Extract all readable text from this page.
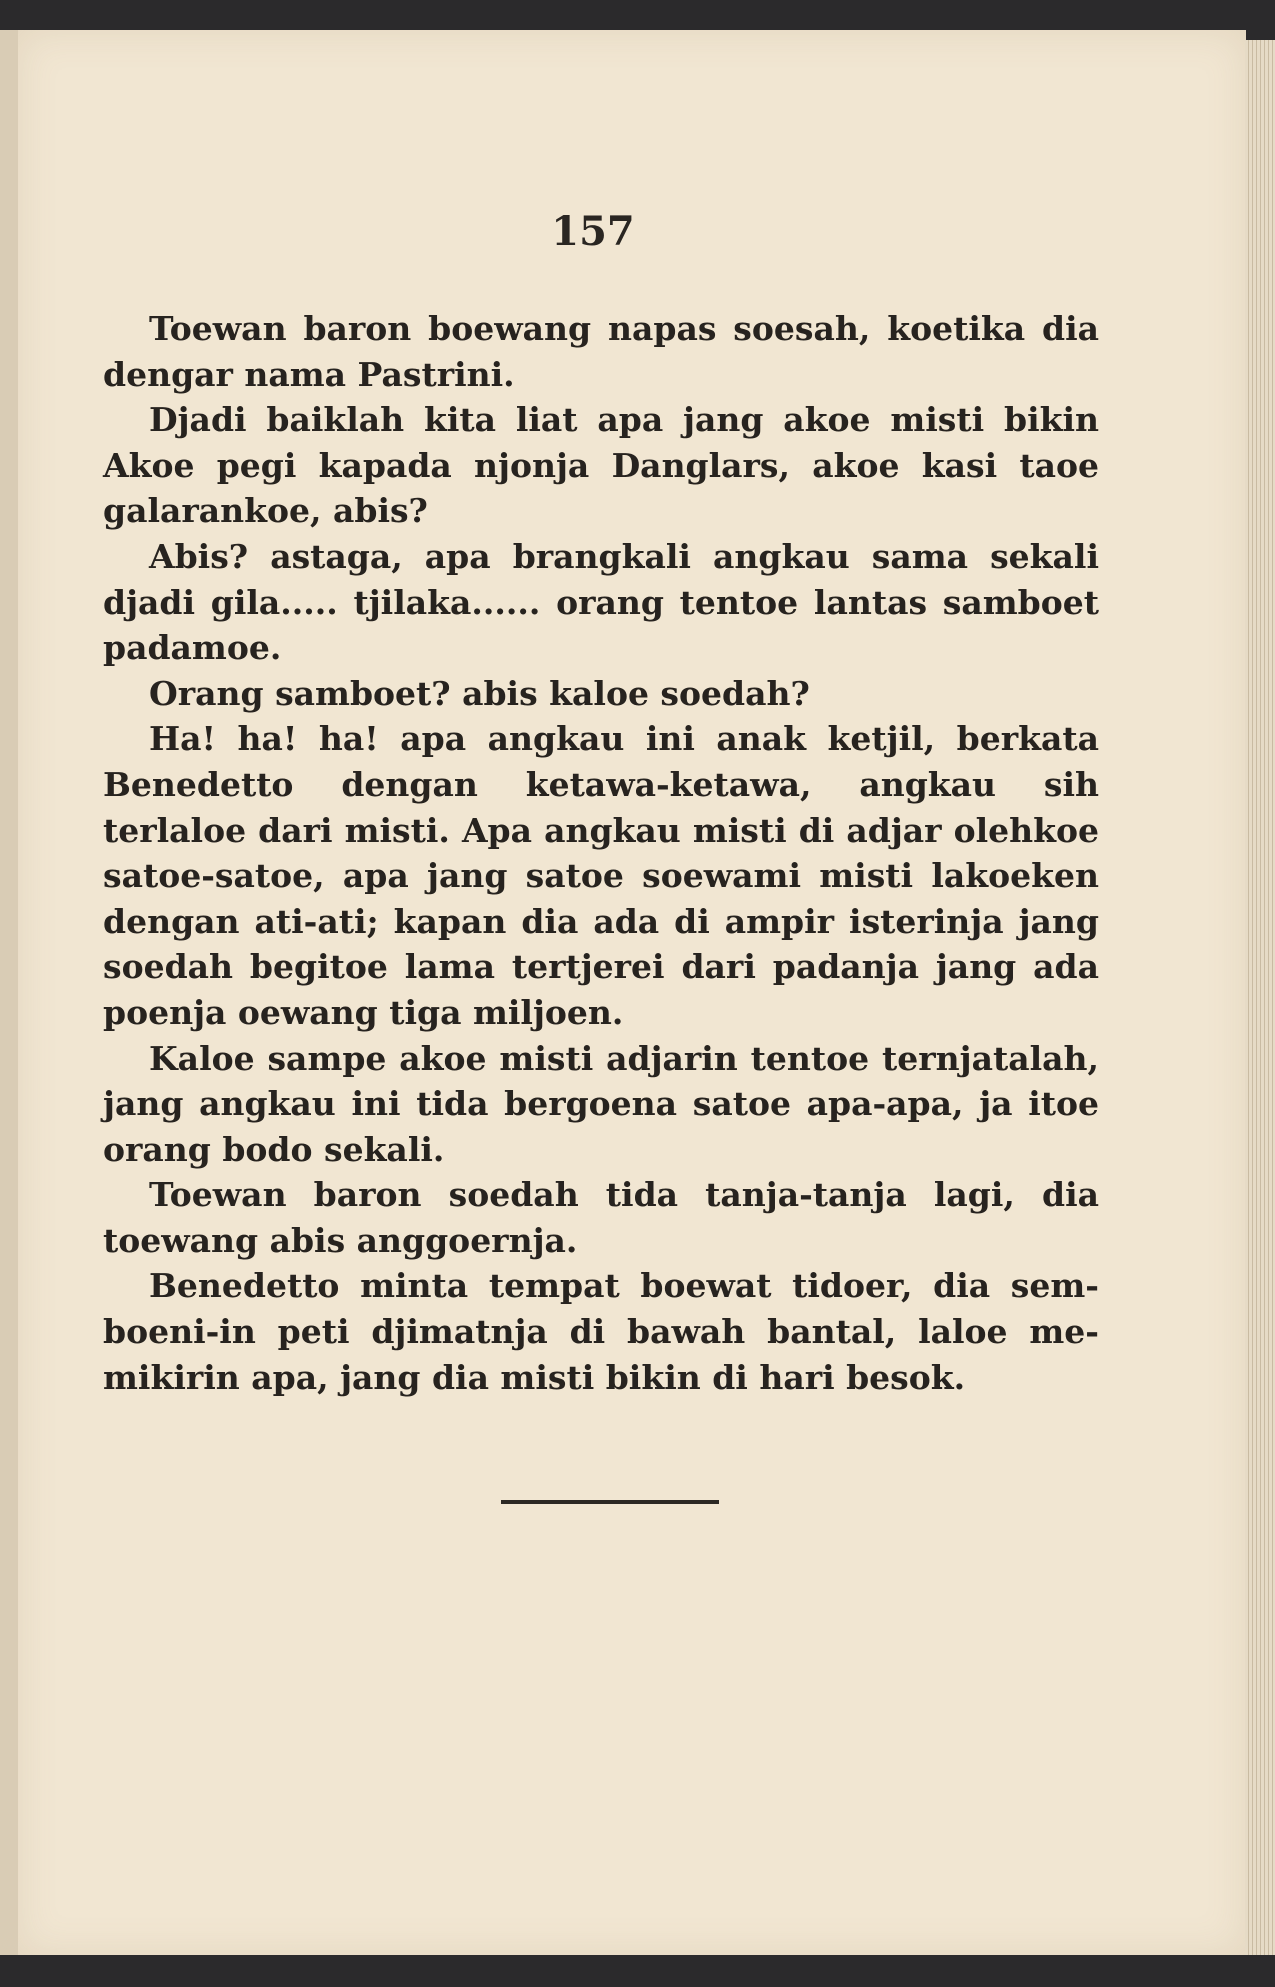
157

Toewan baron boewang napas soesah, koetika dia dengar nama Pastrini.

Djadi baiklah kita liat apa jang akoe misti bikin Akoe pegi kapada njonja Danglars, akoe kasi taoe galarankoe, abis?

Abis? astaga, apa brangkali angkau sama sekali djadi gila..... tjilaka...... orang tentoe lantas samboet padamoe.

Orang samboet? abis kaloe soedah?

Ha! ha! ha! apa angkau ini anak ketjil, berkata Benedetto dengan ketawa-ketawa, angkau sih terlaloe dari misti. Apa angkau misti di adjar olehkoe satoe-satoe, apa jang satoe soewami misti lakoeken dengan ati-ati; kapan dia ada di ampir isterinja jang soedah begitoe lama tertjerei dari padanja jang ada poenja oewang tiga miljoen.

Kaloe sampe akoe misti adjarin tentoe ternjatalah, jang angkau ini tida bergoena satoe apa-apa, ja itoe orang bodo sekali.

Toewan baron soedah tida tanja-tanja lagi, dia toewang abis anggoernja.

Benedetto minta tempat boewat tidoer, dia sem-boeni-in peti djimatnja di bawah bantal, laloe me-mikirin apa, jang dia misti bikin di hari besok.
